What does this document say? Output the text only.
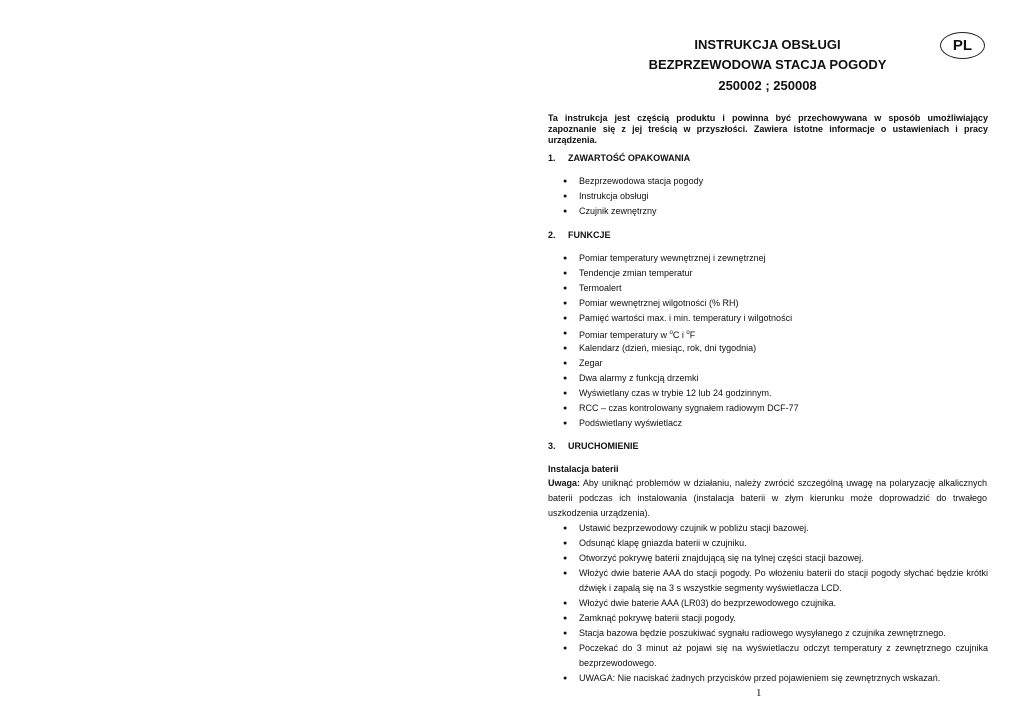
INSTRUKCJA OBSŁUGI
BEZPRZEWODOWA STACJA POGODY
250002 ; 250008
PL
Ta instrukcja jest częścią produktu i powinna być przechowywana w sposób umożliwiający zapoznanie się z jej treścią w przyszłości. Zawiera istotne informacje o ustawieniach i pracy urządzenia.
1. ZAWARTOŚĆ OPAKOWANIA
● Bezprzewodowa stacja pogody
● Instrukcja obsługi
● Czujnik zewnętrzny
2. FUNKCJE
● Pomiar temperatury wewnętrznej i zewnętrznej
● Tendencje zmian temperatur
● Termoalert
● Pomiar wewnętrznej wilgotności (% RH)
● Pamięć wartości max. i min. temperatury i wilgotności
● Pomiar temperatury w $^o$C i $^o$F
● Kalendarz (dzień, miesiąc, rok, dni tygodnia)
● Zegar
● Dwa alarmy z funkcją drzemki
● Wyświetlany czas w trybie 12 lub 24 godzinnym.
● RCC – czas kontrolowany sygnałem radiowym DCF-77
● Podświetlany wyświetlacz
3. URUCHOMIENIE
Instalacja baterii
Uwaga: Aby uniknąć problemów w działaniu, należy zwrócić szczególną uwagę na polaryzację alkalicznych baterii podczas ich instalowania (instalacja baterii w złym kierunku może doprowadzić do trwałego uszkodzenia urządzenia).
● Ustawić bezprzewodowy czujnik w pobliżu stacji bazowej.
● Odsunąć klapę gniazda baterii w czujniku.
● Otworzyć pokrywę baterii znajdującą się na tylnej części stacji bazowej.
● Włożyć dwie baterie AAA do stacji pogody. Po włożeniu baterii do stacji pogody słychać będzie krótki dźwięk i zapalą się na 3 s wszystkie segmenty wyświetlacza LCD.
● Włożyć dwie baterie AAA (LR03) do bezprzewodowego czujnika.
● Zamknąć pokrywę baterii stacji pogody.
● Stacja bazowa będzie poszukiwać sygnału radiowego wysyłanego z czujnika zewnętrznego.
● Poczekać do 3 minut aż pojawi się na wyświetlaczu odczyt temperatury z zewnętrznego czujnika bezprzewodowego.
● UWAGA: Nie naciskać żadnych przycisków przed pojawieniem się zewnętrznych wskazań.
1
